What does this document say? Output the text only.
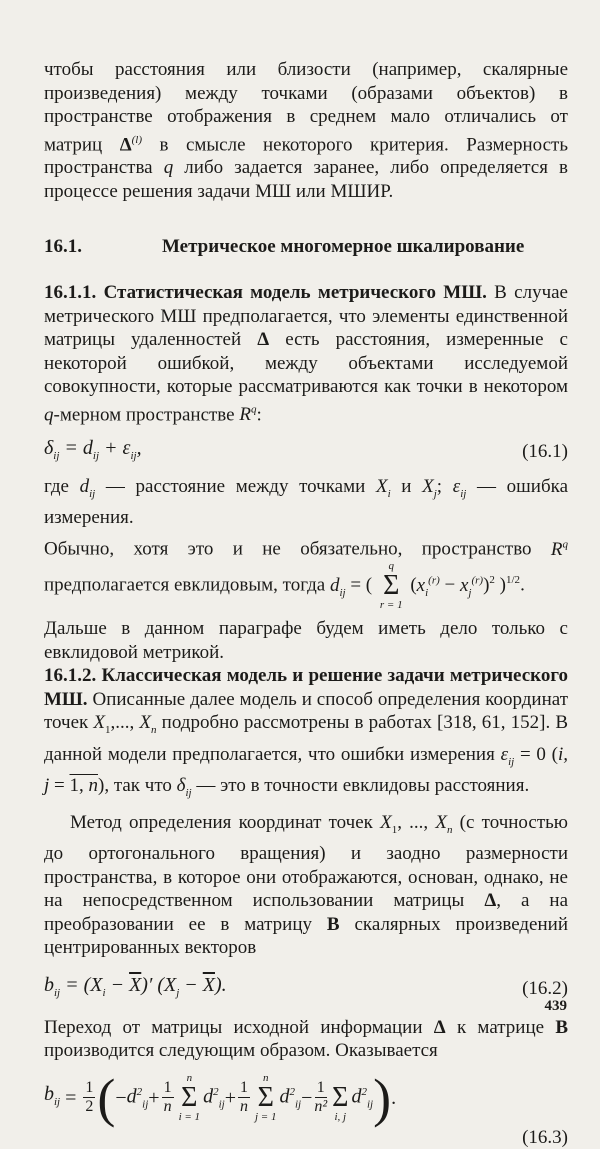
чтобы расстояния или близости (например, скалярные произведения) между точками (образами объектов) в пространстве отображения в среднем мало отличались от матриц $\Delta^{(l)}$ в смысле некоторого критерия. Размерность пространства q либо задается заранее, либо определяется в процессе решения задачи МШ или МШИР.

16.1.	Метрическое многомерное шкалирование

16.1.1. Статистическая модель метрического МШ. В случае метрического МШ предполагается, что элементы единственной матрицы удаленностей Δ есть расстояния, измеренные с некоторой ошибкой, между объектами исследуемой совокупности, которые рассматриваются как точки в некотором q-мерном пространстве $R^q$:

$\delta_{ij} = d_{ij} + \varepsilon_{ij}$,	(16.1)

где $d_{ij}$ — расстояние между точками $X_i$ и $X_j$; $\varepsilon_{ij}$ — ошибка измерения.

Обычно, хотя это и не обязательно, пространство $R^q$ предполагается евклидовым, тогда $d_{ij}$ = (
q
Σ
r = 1
$(x_i^{(r)} - x_j^{(r)})^2$ )$^{1/2}$.

Дальше в данном параграфе будем иметь дело только с евклидовой метрикой.

16.1.2. Классическая модель и решение задачи метрического МШ. Описанные далее модель и способ определения координат точек $X_1$,..., $X_n$ подробно рассмотрены в работах [318, 61, 152]. В данной модели предполагается, что ошибки измерения $\varepsilon_{ij} = 0$ (i, j = 1, n), так что $\delta_{ij}$ — это в точности евклидовы расстояния.

Метод определения координат точек $X_1$, ..., $X_n$ (с точностью до ортогонального вращения) и заодно размерности пространства, в которое они отображаются, основан, однако, не на непосредственном использовании матрицы Δ, а на преобразовании ее в матрицу B скалярных произведений центрированных векторов

$b_{ij} = (X_i - \overline{X})'$ $(X_j - \overline{X})$.	(16.2)

Переход от матрицы исходной информации Δ к матрице B производится следующим образом. Оказывается

$b_{ij} = \frac{1}{2}$ ( − $d^2_{ij} + \frac{1}{n}$
n
Σ
i = 1
$d^2_{ij} + \frac{1}{n}$
n
Σ
j = 1
$d^2_{ij} - \frac{1}{\text{n²}}$
Σ
i, j
$d^2_{ij}$ ) .
(16.3)
439
